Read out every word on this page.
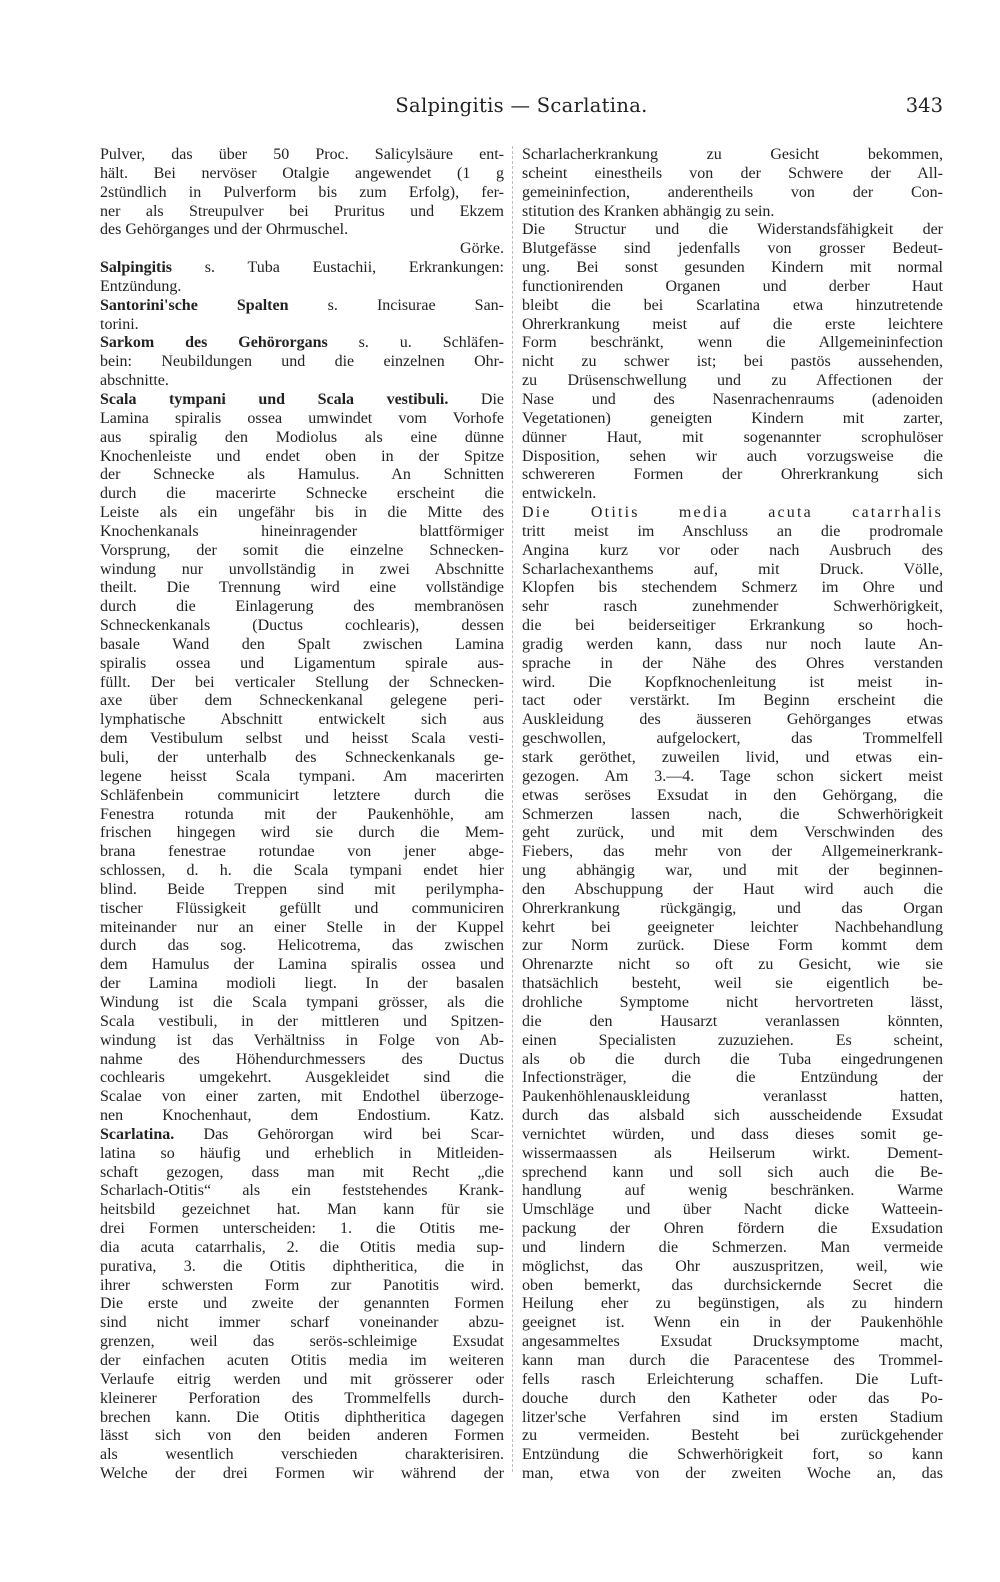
Salpingitis — Scarlatina.	343
Pulver, das über 50 Proc. Salicylsäure ent-
hält. Bei nervöser Otalgie angewendet (1 g
2stündlich in Pulverform bis zum Erfolg), fer-
ner als Streupulver bei Pruritus und Ekzem
des Gehörganges und der Ohrmuschel.
Görke.
Salpingitis s. Tuba Eustachii, Erkrankungen:
Entzündung.
Santorini'sche Spalten s. Incisurae San-
torini.
Sarkom des Gehörorgans s. u. Schläfen-
bein: Neubildungen und die einzelnen Ohr-
abschnitte.
Scala tympani und Scala vestibuli. Die
Lamina spiralis ossea umwindet vom Vorhofe
aus spiralig den Modiolus als eine dünne
Knochenleiste und endet oben in der Spitze
der Schnecke als Hamulus. An Schnitten
durch die macerirte Schnecke erscheint die
Leiste als ein ungefähr bis in die Mitte des
Knochenkanals hineinragender blattförmiger
Vorsprung, der somit die einzelne Schnecken-
windung nur unvollständig in zwei Abschnitte
theilt. Die Trennung wird eine vollständige
durch die Einlagerung des membranösen
Schneckenkanals (Ductus cochlearis), dessen
basale Wand den Spalt zwischen Lamina
spiralis ossea und Ligamentum spirale aus-
füllt. Der bei verticaler Stellung der Schnecken-
axe über dem Schneckenkanal gelegene peri-
lymphatische Abschnitt entwickelt sich aus
dem Vestibulum selbst und heisst Scala vesti-
buli, der unterhalb des Schneckenkanals ge-
legene heisst Scala tympani. Am macerirten
Schläfenbein communicirt letztere durch die
Fenestra rotunda mit der Paukenhöhle, am
frischen hingegen wird sie durch die Mem-
brana fenestrae rotundae von jener abge-
schlossen, d. h. die Scala tympani endet hier
blind. Beide Treppen sind mit perilympha-
tischer Flüssigkeit gefüllt und communiciren
miteinander nur an einer Stelle in der Kuppel
durch das sog. Helicotrema, das zwischen
dem Hamulus der Lamina spiralis ossea und
der Lamina modioli liegt. In der basalen
Windung ist die Scala tympani grösser, als die
Scala vestibuli, in der mittleren und Spitzen-
windung ist das Verhältniss in Folge von Ab-
nahme des Höhendurchmessers des Ductus
cochlearis umgekehrt. Ausgekleidet sind die
Scalae von einer zarten, mit Endothel überzoge-
nen Knochenhaut, dem Endostium. Katz.
Scarlatina. Das Gehörorgan wird bei Scar-
latina so häufig und erheblich in Mitleiden-
schaft gezogen, dass man mit Recht „die
Scharlach-Otitis“ als ein feststehendes Krank-
heitsbild gezeichnet hat. Man kann für sie
drei Formen unterscheiden: 1. die Otitis me-
dia acuta catarrhalis, 2. die Otitis media sup-
purativa, 3. die Otitis diphtheritica, die in
ihrer schwersten Form zur Panotitis wird.
Die erste und zweite der genannten Formen
sind nicht immer scharf voneinander abzu-
grenzen, weil das serös-schleimige Exsudat
der einfachen acuten Otitis media im weiteren
Verlaufe eitrig werden und mit grösserer oder
kleinerer Perforation des Trommelfells durch-
brechen kann. Die Otitis diphtheritica dagegen
lässt sich von den beiden anderen Formen
als wesentlich verschieden charakterisiren.
Welche der drei Formen wir während der
Scharlacherkrankung zu Gesicht bekommen,
scheint einestheils von der Schwere der All-
gemeininfection, anderentheils von der Con-
stitution des Kranken abhängig zu sein.
Die Structur und die Widerstandsfähigkeit der
Blutgefässe sind jedenfalls von grosser Bedeut-
ung. Bei sonst gesunden Kindern mit normal
functionirenden Organen und derber Haut
bleibt die bei Scarlatina etwa hinzutretende
Ohrerkrankung meist auf die erste leichtere
Form beschränkt, wenn die Allgemeininfection
nicht zu schwer ist; bei pastös aussehenden,
zu Drüsenschwellung und zu Affectionen der
Nase und des Nasenrachenraums (adenoiden
Vegetationen) geneigten Kindern mit zarter,
dünner Haut, mit sogenannter scrophulöser
Disposition, sehen wir auch vorzugsweise die
schwereren Formen der Ohrerkrankung sich
entwickeln.
Die Otitis media acuta catarrhalis
tritt meist im Anschluss an die prodromale
Angina kurz vor oder nach Ausbruch des
Scharlachexanthems auf, mit Druck. Völle,
Klopfen bis stechendem Schmerz im Ohre und
sehr rasch zunehmender Schwerhörigkeit,
die bei beiderseitiger Erkrankung so hoch-
gradig werden kann, dass nur noch laute An-
sprache in der Nähe des Ohres verstanden
wird. Die Kopfknochenleitung ist meist in-
tact oder verstärkt. Im Beginn erscheint die
Auskleidung des äusseren Gehörganges etwas
geschwollen, aufgelockert, das Trommelfell
stark geröthet, zuweilen livid, und etwas ein-
gezogen. Am 3.—4. Tage schon sickert meist
etwas seröses Exsudat in den Gehörgang, die
Schmerzen lassen nach, die Schwerhörigkeit
geht zurück, und mit dem Verschwinden des
Fiebers, das mehr von der Allgemeinerkrank-
ung abhängig war, und mit der beginnen-
den Abschuppung der Haut wird auch die
Ohrerkrankung rückgängig, und das Organ
kehrt bei geeigneter leichter Nachbehandlung
zur Norm zurück. Diese Form kommt dem
Ohrenarzte nicht so oft zu Gesicht, wie sie
thatsächlich besteht, weil sie eigentlich be-
drohliche Symptome nicht hervortreten lässt,
die den Hausarzt veranlassen könnten,
einen Specialisten zuzuziehen. Es scheint,
als ob die durch die Tuba eingedrungenen
Infectionsträger, die die Entzündung der
Paukenhöhlenauskleidung veranlasst hatten,
durch das alsbald sich ausscheidende Exsudat
vernichtet würden, und dass dieses somit ge-
wissermaassen als Heilserum wirkt. Dement-
sprechend kann und soll sich auch die Be-
handlung auf wenig beschränken. Warme
Umschläge und über Nacht dicke Watteein-
packung der Ohren fördern die Exsudation
und lindern die Schmerzen. Man vermeide
möglichst, das Ohr auszuspritzen, weil, wie
oben bemerkt, das durchsickernde Secret die
Heilung eher zu begünstigen, als zu hindern
geeignet ist. Wenn ein in der Paukenhöhle
angesammeltes Exsudat Drucksymptome macht,
kann man durch die Paracentese des Trommel-
fells rasch Erleichterung schaffen. Die Luft-
douche durch den Katheter oder das Po-
litzer'sche Verfahren sind im ersten Stadium
zu vermeiden. Besteht bei zurückgehender
Entzündung die Schwerhörigkeit fort, so kann
man, etwa von der zweiten Woche an, das
